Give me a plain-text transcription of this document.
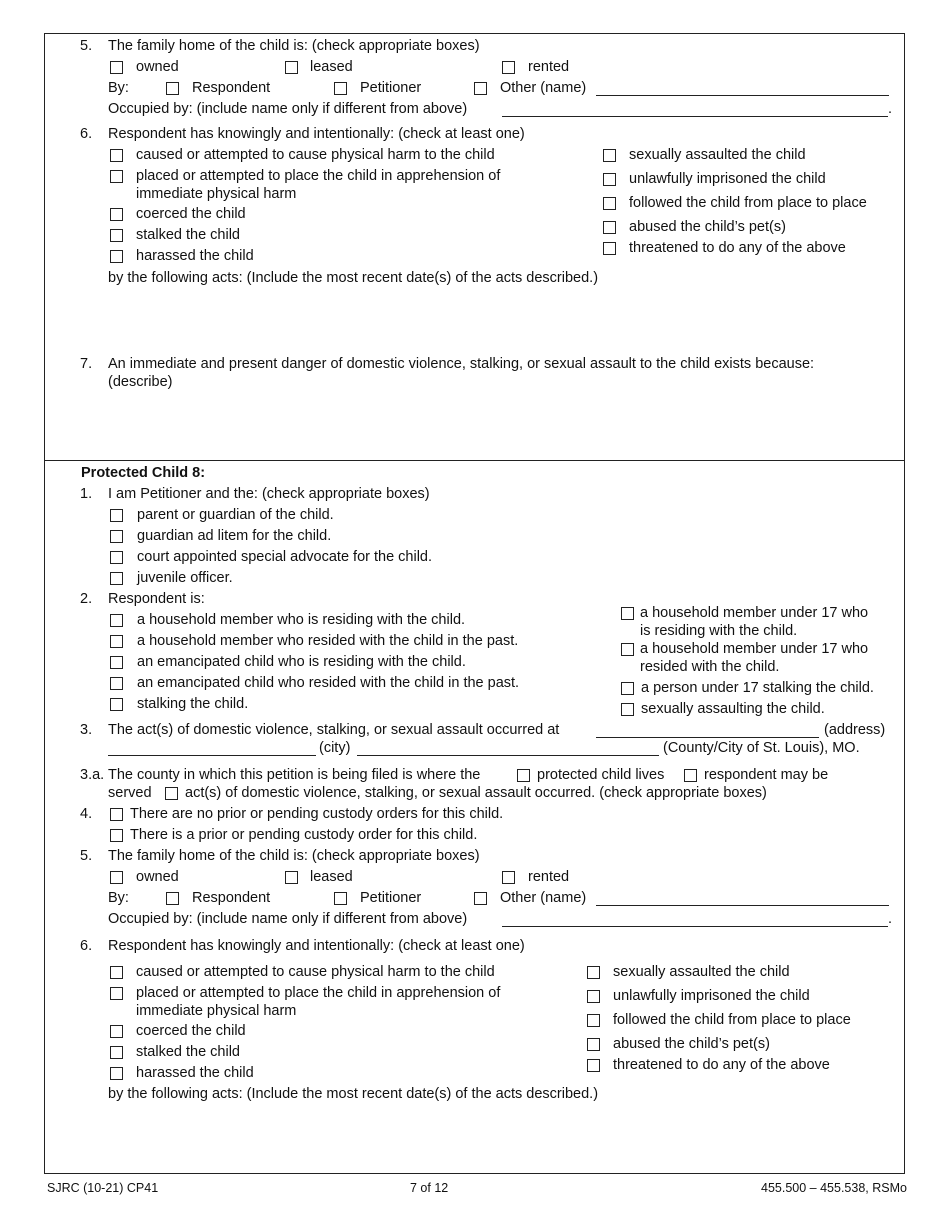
5. The family home of the child is: (check appropriate boxes)
owned	leased	rented
By:	Respondent	Petitioner	Other (name)
Occupied by: (include name only if different from above)	.
6. Respondent has knowingly and intentionally: (check at least one)
caused or attempted to cause physical harm to the child
placed or attempted to place the child in apprehension of
immediate physical harm
coerced the child
stalked the child
harassed the child
sexually assaulted the child
unlawfully imprisoned the child
followed the child from place to place
abused the child’s pet(s)
threatened to do any of the above
by the following acts: (Include the most recent date(s) of the acts described.)
7. An immediate and present danger of domestic violence, stalking, or sexual assault to the child exists because:
(describe)
Protected Child 8:
1. I am Petitioner and the: (check appropriate boxes)
parent or guardian of the child.
guardian ad litem for the child.
court appointed special advocate for the child.
juvenile officer.
2. Respondent is:
a household member who is residing with the child.
a household member who resided with the child in the past.
an emancipated child who is residing with the child.
an emancipated child who resided with the child in the past.
stalking the child.
a household member under 17 who
is residing with the child.
a household member under 17 who
resided with the child.
a person under 17 stalking the child.
sexually assaulting the child.
3. The act(s) of domestic violence, stalking, or sexual assault occurred at	(address)
(city)	(County/City of St. Louis), MO.
3.a. The county in which this petition is being filed is where the	protected child lives	respondent may be
served act(s) of domestic violence, stalking, or sexual assault occurred. (check appropriate boxes)
4.	There are no prior or pending custody orders for this child.
There is a prior or pending custody order for this child.
5. The family home of the child is: (check appropriate boxes)
owned	leased	rented
By:	Respondent	Petitioner	Other (name)
Occupied by: (include name only if different from above)	.
6. Respondent has knowingly and intentionally: (check at least one)
caused or attempted to cause physical harm to the child
placed or attempted to place the child in apprehension of
immediate physical harm
coerced the child
stalked the child
harassed the child
sexually assaulted the child
unlawfully imprisoned the child
followed the child from place to place
abused the child’s pet(s)
threatened to do any of the above
by the following acts: (Include the most recent date(s) of the acts described.)
SJRC (10-21) CP41	7 of 12	455.500 – 455.538, RSMo
